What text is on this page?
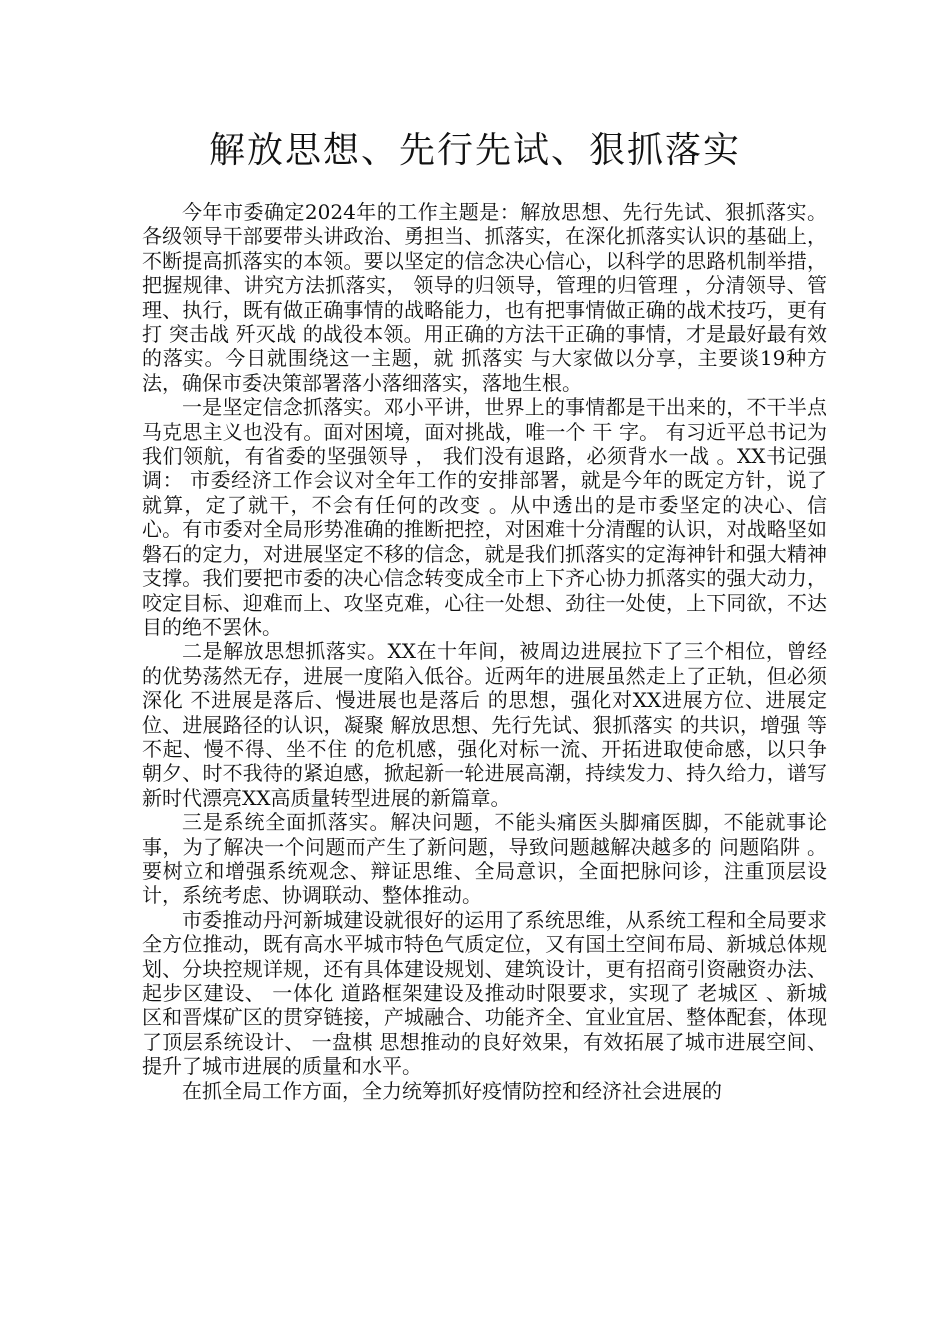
解放思想、先行先试、狠抓落实

今年市委确定2024年的工作主题是：解放思想、先行先试、狠抓落实。各级领导干部要带头讲政治、勇担当、抓落实，在深化抓落实认识的基础上，不断提高抓落实的本领。要以坚定的信念决心信心，以科学的思路机制举措，把握规律、讲究方法抓落实， 领导的归领导，管理的归管理 ，分清领导、管理、执行，既有做正确事情的战略能力，也有把事情做正确的战术技巧，更有打 突击战 歼灭战 的战役本领。用正确的方法干正确的事情，才是最好最有效的落实。今日就围绕这一主题，就 抓落实 与大家做以分享，主要谈19种方法，确保市委决策部署落小落细落实，落地生根。

一是坚定信念抓落实。邓小平讲，世界上的事情都是干出来的，不干半点马克思主义也没有。面对困境，面对挑战，唯一个 干 字。 有习近平总书记为我们领航，有省委的坚强领导 ， 我们没有退路，必须背水一战 。XX书记强调： 市委经济工作会议对全年工作的安排部署，就是今年的既定方针，说了就算，定了就干，不会有任何的改变 。从中透出的是市委坚定的决心、信心。有市委对全局形势准确的推断把控，对困难十分清醒的认识，对战略坚如磐石的定力，对进展坚定不移的信念，就是我们抓落实的定海神针和强大精神支撑。我们要把市委的决心信念转变成全市上下齐心协力抓落实的强大动力，咬定目标、迎难而上、攻坚克难，心往一处想、劲往一处使，上下同欲，不达目的绝不罢休。

二是解放思想抓落实。XX在十年间，被周边进展拉下了三个相位，曾经的优势荡然无存，进展一度陷入低谷。近两年的进展虽然走上了正轨，但必须深化 不进展是落后、慢进展也是落后 的思想，强化对XX进展方位、进展定位、进展路径的认识，凝聚 解放思想、先行先试、狠抓落实 的共识，增强 等不起、慢不得、坐不住 的危机感，强化对标一流、开拓进取使命感，以只争朝夕、时不我待的紧迫感，掀起新一轮进展高潮，持续发力、持久给力，谱写新时代漂亮XX高质量转型进展的新篇章。

三是系统全面抓落实。解决问题，不能头痛医头脚痛医脚，不能就事论事，为了解决一个问题而产生了新问题，导致问题越解决越多的 问题陷阱 。要树立和增强系统观念、辩证思维、全局意识，全面把脉问诊，注重顶层设计，系统考虑、协调联动、整体推动。

市委推动丹河新城建设就很好的运用了系统思维，从系统工程和全局要求全方位推动，既有高水平城市特色气质定位，又有国土空间布局、新城总体规划、分块控规详规，还有具体建设规划、建筑设计，更有招商引资融资办法、起步区建设、 一体化 道路框架建设及推动时限要求，实现了 老城区 、新城区和晋煤矿区的贯穿链接，产城融合、功能齐全、宜业宜居、整体配套，体现了顶层系统设计、 一盘棋 思想推动的良好效果，有效拓展了城市进展空间、提升了城市进展的质量和水平。

在抓全局工作方面，全力统筹抓好疫情防控和经济社会进展的
